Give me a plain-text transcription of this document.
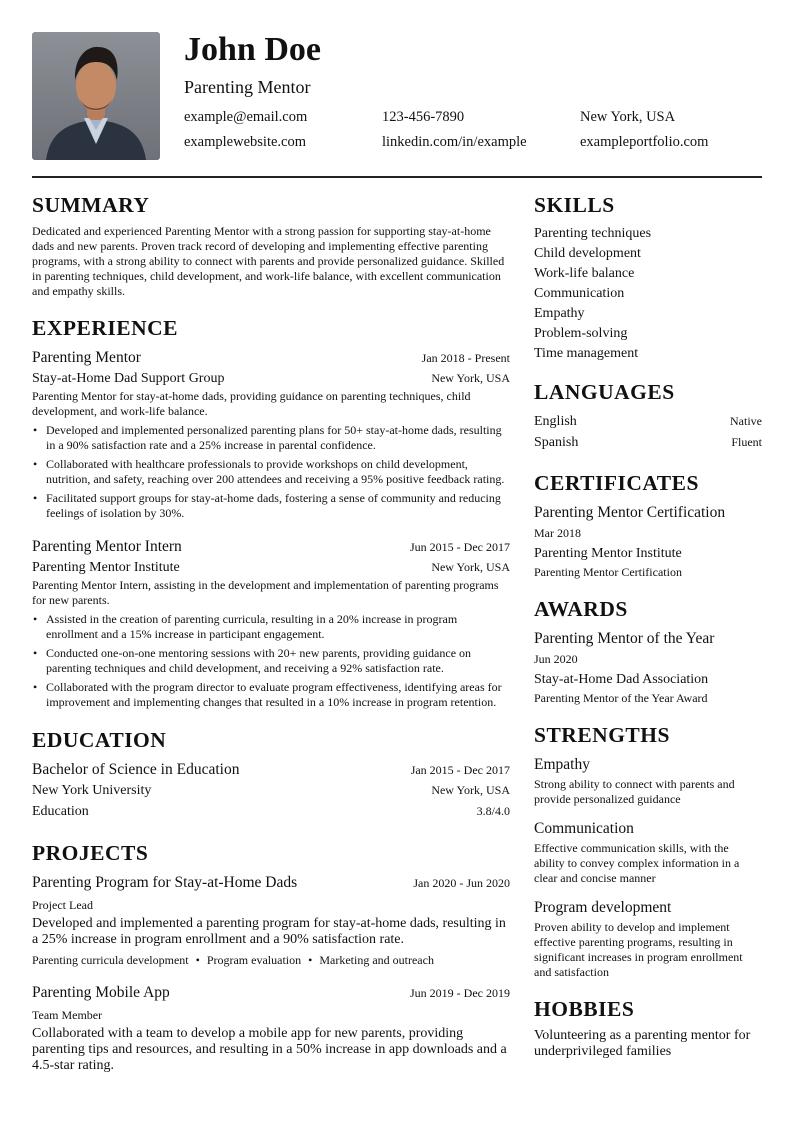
John Doe
Parenting Mentor
example@email.com	123-456-7890	New York, USA
examplewebsite.com	linkedin.com/in/example	exampleportfolio.com
SUMMARY
Dedicated and experienced Parenting Mentor with a strong passion for supporting stay-at-home dads and new parents. Proven track record of developing and implementing effective parenting programs, with a strong ability to connect with parents and provide personalized guidance. Skilled in parenting techniques, child development, and work-life balance, with excellent communication and empathy skills.
EXPERIENCE
Parenting Mentor	Jan 2018 - Present
Stay-at-Home Dad Support Group	New York, USA
Parenting Mentor for stay-at-home dads, providing guidance on parenting techniques, child development, and work-life balance.
• Developed and implemented personalized parenting plans for 50+ stay-at-home dads, resulting in a 90% satisfaction rate and a 25% increase in parental confidence.
• Collaborated with healthcare professionals to provide workshops on child development, nutrition, and safety, reaching over 200 attendees and receiving a 95% positive feedback rating.
• Facilitated support groups for stay-at-home dads, fostering a sense of community and reducing feelings of isolation by 30%.
Parenting Mentor Intern	Jun 2015 - Dec 2017
Parenting Mentor Institute	New York, USA
Parenting Mentor Intern, assisting in the development and implementation of parenting programs for new parents.
• Assisted in the creation of parenting curricula, resulting in a 20% increase in program enrollment and a 15% increase in participant engagement.
• Conducted one-on-one mentoring sessions with 20+ new parents, providing guidance on parenting techniques and child development, and receiving a 92% satisfaction rate.
• Collaborated with the program director to evaluate program effectiveness, identifying areas for improvement and implementing changes that resulted in a 10% increase in program retention.
EDUCATION
Bachelor of Science in Education	Jan 2015 - Dec 2017
New York University	New York, USA
Education	3.8/4.0
PROJECTS
Parenting Program for Stay-at-Home Dads	Jan 2020 - Jun 2020
Project Lead
Developed and implemented a parenting program for stay-at-home dads, resulting in a 25% increase in program enrollment and a 90% satisfaction rate.
Parenting curricula development • Program evaluation • Marketing and outreach
Parenting Mobile App	Jun 2019 - Dec 2019
Team Member
Collaborated with a team to develop a mobile app for new parents, providing parenting tips and resources, and resulting in a 50% increase in app downloads and a 4.5-star rating.
SKILLS
Parenting techniques
Child development
Work-life balance
Communication
Empathy
Problem-solving
Time management
LANGUAGES
English	Native
Spanish	Fluent
CERTIFICATES
Parenting Mentor Certification
Mar 2018
Parenting Mentor Institute
Parenting Mentor Certification
AWARDS
Parenting Mentor of the Year
Jun 2020
Stay-at-Home Dad Association
Parenting Mentor of the Year Award
STRENGTHS
Empathy
Strong ability to connect with parents and provide personalized guidance
Communication
Effective communication skills, with the ability to convey complex information in a clear and concise manner
Program development
Proven ability to develop and implement effective parenting programs, resulting in significant increases in program enrollment and satisfaction
HOBBIES
Volunteering as a parenting mentor for underprivileged families
